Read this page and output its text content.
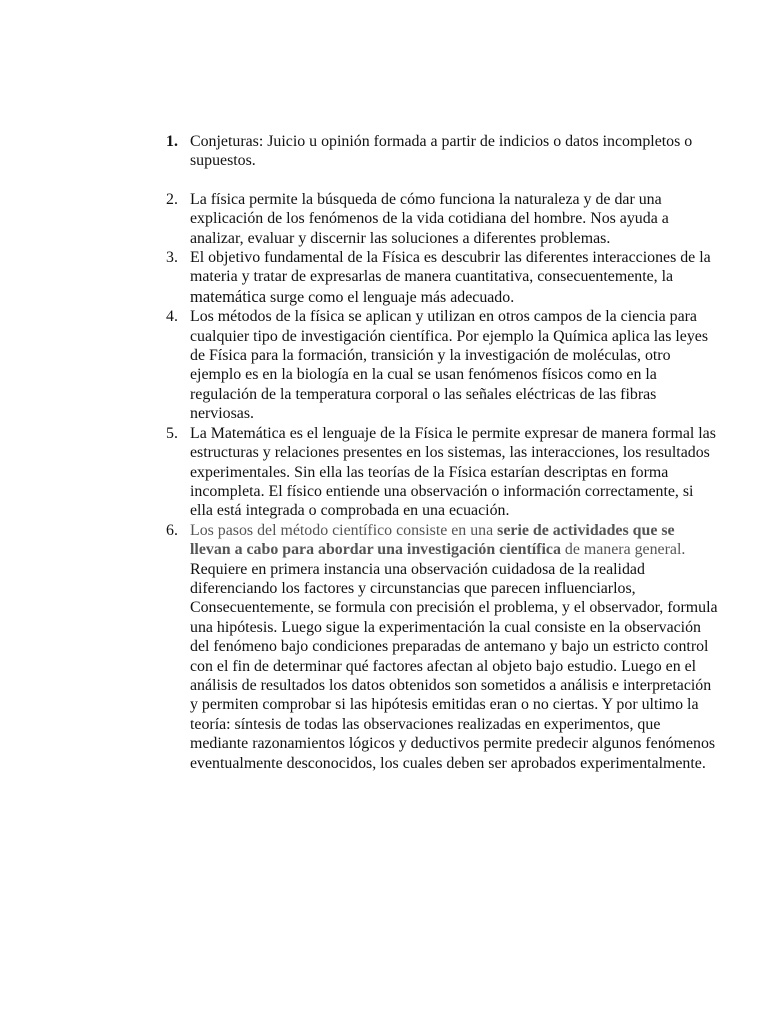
1. Conjeturas: Juicio u opinión formada a partir de indicios o datos incompletos o supuestos.
2. La física permite la búsqueda de cómo funciona la naturaleza y de dar una explicación de los fenómenos de la vida cotidiana del hombre. Nos ayuda a analizar, evaluar y discernir las soluciones a diferentes problemas.
3. El objetivo fundamental de la Física es descubrir las diferentes interacciones de la materia y tratar de expresarlas de manera cuantitativa, consecuentemente, la matemática surge como el lenguaje más adecuado.
4. Los métodos de la física se aplican y utilizan en otros campos de la ciencia para cualquier tipo de investigación científica. Por ejemplo la Química aplica las leyes de Física para la formación, transición y la investigación de moléculas, otro ejemplo es en la biología en la cual se usan fenómenos físicos como en la regulación de la temperatura corporal o las señales eléctricas de las fibras nerviosas.
5. La Matemática es el lenguaje de la Física le permite expresar de manera formal las estructuras y relaciones presentes en los sistemas, las interacciones, los resultados experimentales. Sin ella las teorías de la Física estarían descriptas en forma incompleta. El físico entiende una observación o información correctamente, si ella está integrada o comprobada en una ecuación.
6. Los pasos del método científico consiste en una serie de actividades que se llevan a cabo para abordar una investigación científica de manera general. Requiere en primera instancia una observación cuidadosa de la realidad diferenciando los factores y circunstancias que parecen influenciarlos, Consecuentemente, se formula con precisión el problema, y el observador, formula una hipótesis. Luego sigue la experimentación la cual consiste en la observación del fenómeno bajo condiciones preparadas de antemano y bajo un estricto control con el fin de determinar qué factores afectan al objeto bajo estudio. Luego en el análisis de resultados los datos obtenidos son sometidos a análisis e interpretación y permiten comprobar si las hipótesis emitidas eran o no ciertas. Y por ultimo la teoría: síntesis de todas las observaciones realizadas en experimentos, que mediante razonamientos lógicos y deductivos permite predecir algunos fenómenos eventualmente desconocidos, los cuales deben ser aprobados experimentalmente.
